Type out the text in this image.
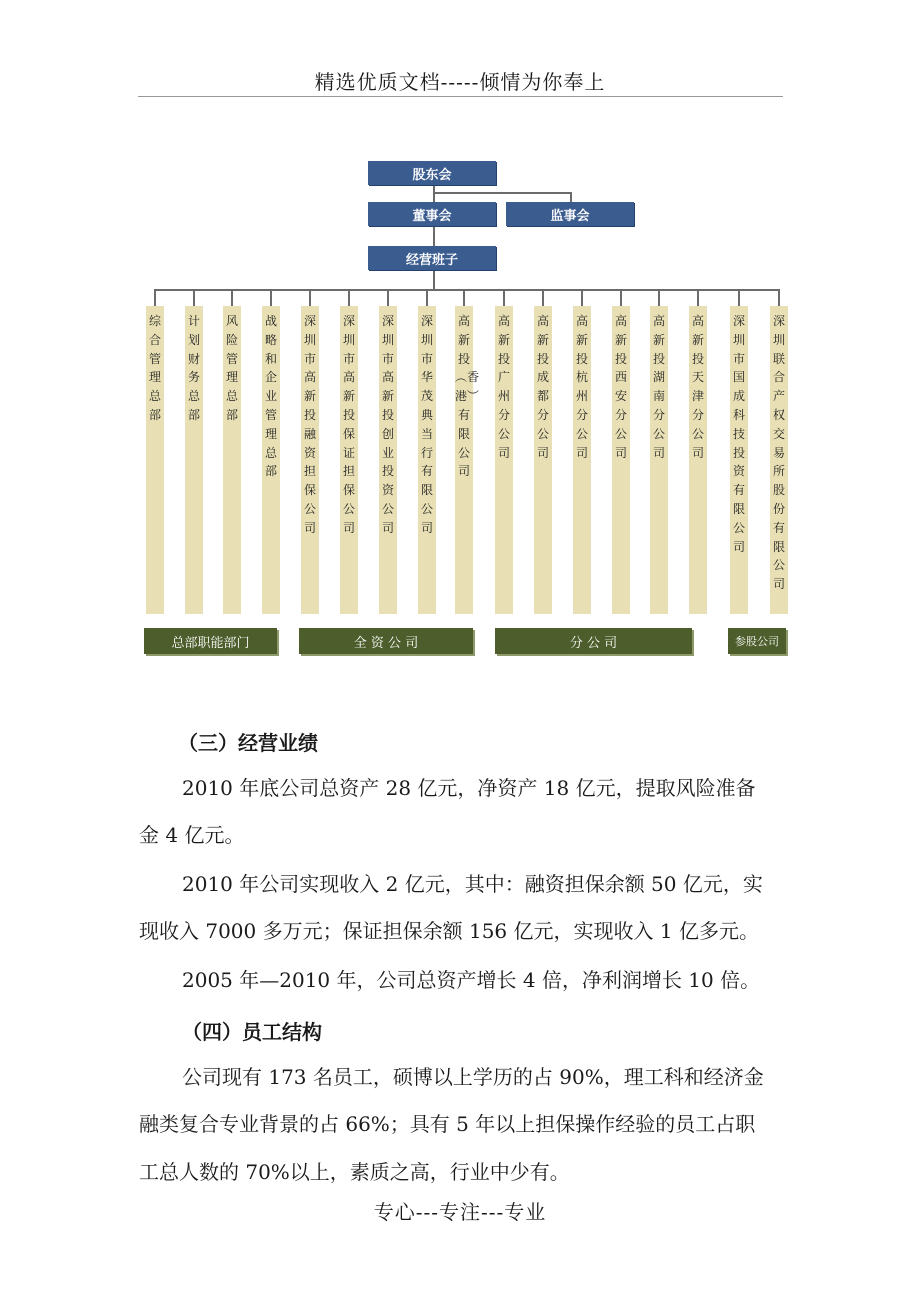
精选优质文档-----倾情为你奉上
股东会
董事会	监事会
经营班子
综合管理总部
计划财务总部
风险管理总部
战略和企业管理总部
深圳市高新投融资担保公司
深圳市高新投保证担保公司
深圳市高新投创业投资公司
深圳市华茂典当行有限公司
高新投︵香港︶有限公司
高新投广州分公司
高新投成都分公司
高新投杭州分公司
高新投西安分公司
高新投湖南分公司
高新投天津分公司
深圳市国成科技投资有限公司
深圳联合产权交易所股份有限公司
总部职能部门	全 资 公 司	分 公 司	参股公司
（三）经营业绩
2010 年底公司总资产 28 亿元，净资产 18 亿元，提取风险准备
金 4 亿元。
2010 年公司实现收入 2 亿元，其中：融资担保余额 50 亿元，实
现收入 7000 多万元；保证担保余额 156 亿元，实现收入 1 亿多元。
2005 年—2010 年，公司总资产增长 4 倍，净利润增长 10 倍。
（四）员工结构
公司现有 173 名员工，硕博以上学历的占 90%，理工科和经济金
融类复合专业背景的占 66%；具有 5 年以上担保操作经验的员工占职
工总人数的 70%以上，素质之高，行业中少有。
专心---专注---专业
